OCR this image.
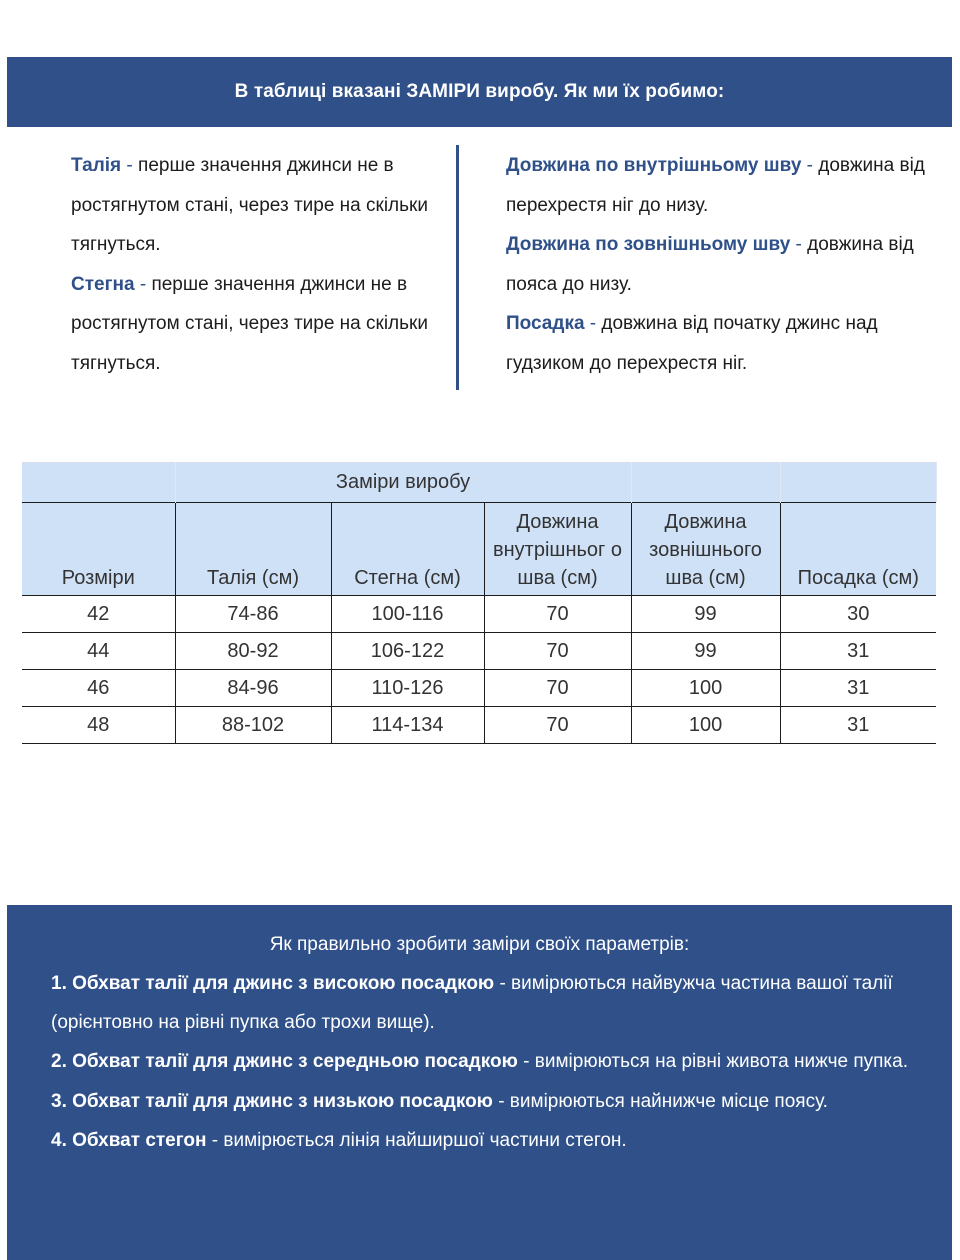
В таблиці вказані ЗАМІРИ виробу. Як ми їх робимо:

Талія - перше значення джинси не в ростягнутом стані, через тире на скільки тягнуться.

Стегна - перше значення джинси не в ростягнутом стані, через тире на скільки тягнуться.

Довжина по внутрішньому шву - довжина від перехрестя ніг до низу.

Довжина по зовнішньому шву - довжина від пояса до низу.

Посадка - довжина від початку джинс над гудзиком до перехрестя ніг.

	Заміри виробу				
Розміри	Талія (см)	Стегна (см)	Довжина внутрішньог о шва (см)	Довжина зовнішнього шва (см)	Посадка (см)
42	74-86	100-116	70	99	30
44	80-92	106-122	70	99	31
46	84-96	110-126	70	100	31
48	88-102	114-134	70	100	31
Як правильно зробити заміри своїх параметрів:

1. Обхват талії для джинс з високою посадкою - вимірюються найвужча частина вашої талії (орієнтовно на рівні пупка або трохи вище).

2. Обхват талії для джинс з середньою посадкою - вимірюються на рівні живота нижче пупка.

3. Обхват талії для джинс з низькою посадкою - вимірюються найнижче місце поясу.

4. Обхват стегон - вимірюється лінія найширшої частини стегон.
